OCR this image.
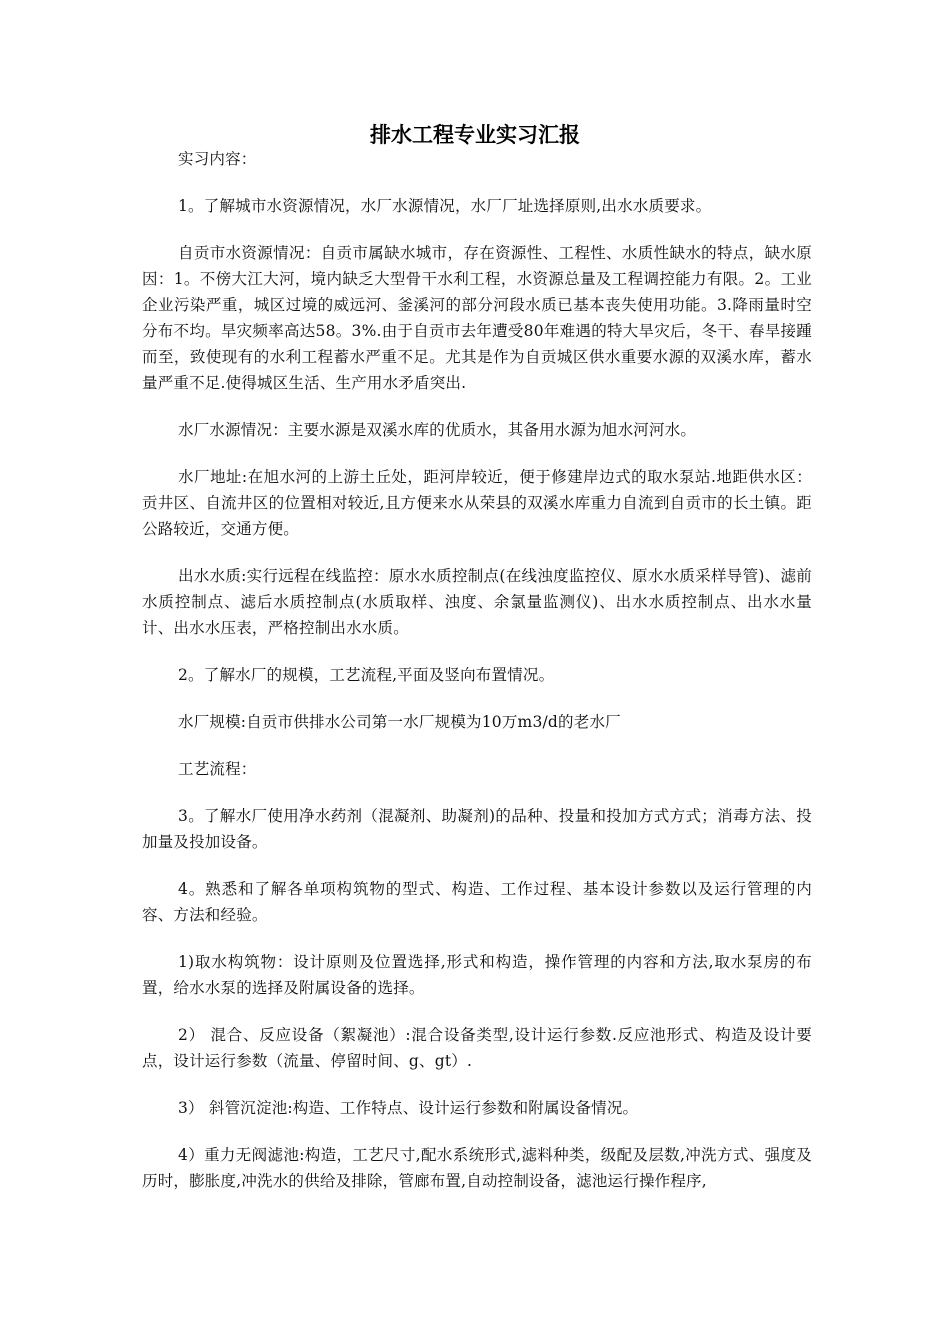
排水工程专业实习汇报

实习内容：

1。了解城市水资源情况，水厂水源情况，水厂厂址选择原则,出水水质要求。

自贡市水资源情况：自贡市属缺水城市，存在资源性、工程性、水质性缺水的特点，缺水原因：1。不傍大江大河，境内缺乏大型骨干水利工程，水资源总量及工程调控能力有限。2。工业企业污染严重，城区过境的威远河、釜溪河的部分河段水质已基本丧失使用功能。3.降雨量时空分布不均。旱灾频率高达58。3%.由于自贡市去年遭受80年难遇的特大旱灾后，冬干、春旱接踵而至，致使现有的水利工程蓄水严重不足。尤其是作为自贡城区供水重要水源的双溪水库，蓄水量严重不足.使得城区生活、生产用水矛盾突出.

水厂水源情况：主要水源是双溪水库的优质水，其备用水源为旭水河河水。

水厂地址:在旭水河的上游土丘处，距河岸较近，便于修建岸边式的取水泵站.地距供水区：贡井区、自流井区的位置相对较近,且方便来水从荣县的双溪水库重力自流到自贡市的长土镇。距公路较近，交通方便。

出水水质:实行远程在线监控：原水水质控制点(在线浊度监控仪、原水水质采样导管)、滤前水质控制点、滤后水质控制点(水质取样、浊度、余氯量监测仪)、出水水质控制点、出水水量计、出水水压表，严格控制出水水质。

2。了解水厂的规模，工艺流程,平面及竖向布置情况。

水厂规模:自贡市供排水公司第一水厂规模为10万m3/d的老水厂

工艺流程：

3。了解水厂使用净水药剂（混凝剂、助凝剂)的品种、投量和投加方式方式；消毒方法、投加量及投加设备。

4。熟悉和了解各单项构筑物的型式、构造、工作过程、基本设计参数以及运行管理的内容、方法和经验。

1)取水构筑物：设计原则及位置选择,形式和构造，操作管理的内容和方法,取水泵房的布置，给水水泵的选择及附属设备的选择。

2） 混合、反应设备（絮凝池）:混合设备类型,设计运行参数.反应池形式、构造及设计要点，设计运行参数（流量、停留时间、g、gt）.

3） 斜管沉淀池:构造、工作特点、设计运行参数和附属设备情况。

4）重力无阀滤池:构造，工艺尺寸,配水系统形式,滤料种类，级配及层数,冲洗方式、强度及历时，膨胀度,冲洗水的供给及排除，管廊布置,自动控制设备，滤池运行操作程序,
